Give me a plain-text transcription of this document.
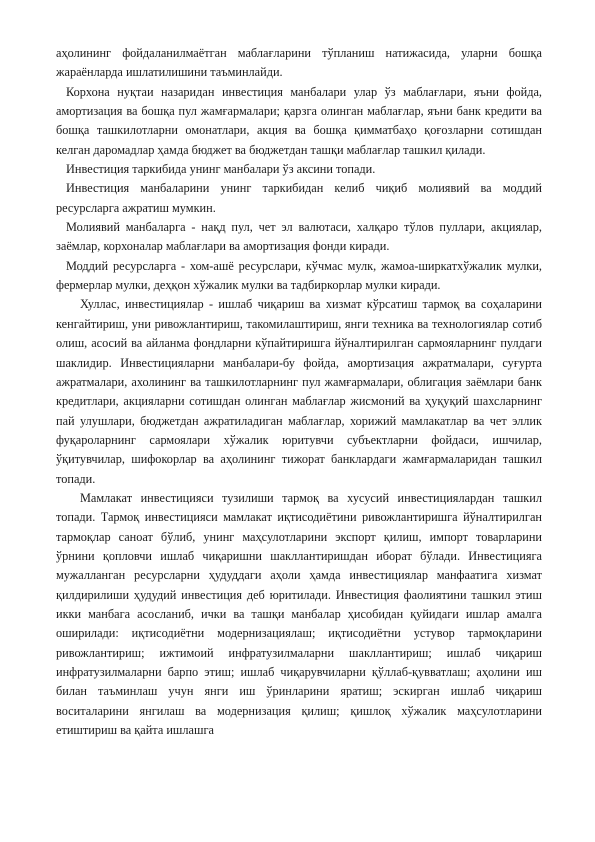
аҳолининг фойдаланилмаётган маблағларини тўпланиш натижасида, уларни бошқа жараёнларда ишлатилишини таъминлайди.

Корхона нуқтаи назаридан инвестиция манбалари улар ўз маблағлари, яъни фойда, амортизация ва бошқа пул жамғармалари; қарзга олинган маблағлар, яъни банк кредити ва бошқа ташкилотларни омонатлари, акция ва бошқа қимматбаҳо қоғозларни сотишдан келган даромадлар ҳамда бюджет ва бюджетдан ташқи маблағлар ташкил қилади.

Инвестиция таркибида унинг манбалари ўз аксини топади.

Инвестиция манбаларини унинг таркибидан келиб чиқиб молиявий ва моддий ресурсларга ажратиш мумкин.

Молиявий манбаларга - нақд пул, чет эл валютаси, халқаро тўлов пуллари, акциялар, заёмлар, корхоналар маблағлари ва амортизация фонди киради.

Моддий ресурсларга - хом-ашё ресурслари, кўчмас мулк, жамоа-ширкатхўжалик мулки, фермерлар мулки, деҳқон хўжалик мулки ва тадбиркорлар мулки киради.

Хуллас, инвестициялар - ишлаб чиқариш ва хизмат кўрсатиш тармоқ ва соҳаларини кенгайтириш, уни ривожлантириш, такомилаштириш, янги техника ва технологиялар сотиб олиш, асосий ва айланма фондларни кўпайтиришга йўналтирилган сармояларнинг пулдаги шаклидир. Инвестицияларни манбалари-бу фойда, амортизация ажратмалари, суғурта ажратмалари, ахолининг ва ташкилотларнинг пул жамғармалари, облигация заёмлари банк кредитлари, акцияларни сотишдан олинган маблағлар жисмоний ва ҳуқуқий шахсларнинг пай улушлари, бюджетдан ажратиладиган маблағлар, хорижий мамлакатлар ва чет эллик фуқароларнинг сармоялари хўжалик юритувчи субъектларни фойдаси, ишчилар, ўқитувчилар, шифокорлар ва аҳолининг тижорат банклардаги жамғармаларидан ташкил топади.

Мамлакат инвестицияси тузилиши тармоқ ва хусусий инвестициялардан ташкил топади. Тармоқ инвестицияси мамлакат иқтисодиётини ривожлантиришга йўналтирилган тармоқлар саноат бўлиб, унинг маҳсулотларини экспорт қилиш, импорт товарларини ўрнини қопловчи ишлаб чиқаришни шакллантиришдан иборат бўлади. Инвестицияга мужалланган ресурсларни ҳудуддаги аҳоли ҳамда инвестициялар манфаатига хизмат қилдирилиши ҳудудий инвестиция деб юритилади. Инвестиция фаолиятини ташкил этиш икки манбага асосланиб, ички ва ташқи манбалар ҳисобидан қуйидаги ишлар амалга оширилади: иқтисодиётни модернизациялаш; иқтисодиётни устувор тармоқларини ривожлантириш; ижтимоий инфратузилмаларни шакллантириш; ишлаб чиқариш инфратузилмаларни барпо этиш; ишлаб чиқарувчиларни қўллаб-қувватлаш; аҳолини иш билан таъминлаш учун янги иш ўринларини яратиш; эскирган ишлаб чиқариш воситаларини янгилаш ва модернизация қилиш; қишлоқ хўжалик маҳсулотларини етиштириш ва қайта ишлашга
